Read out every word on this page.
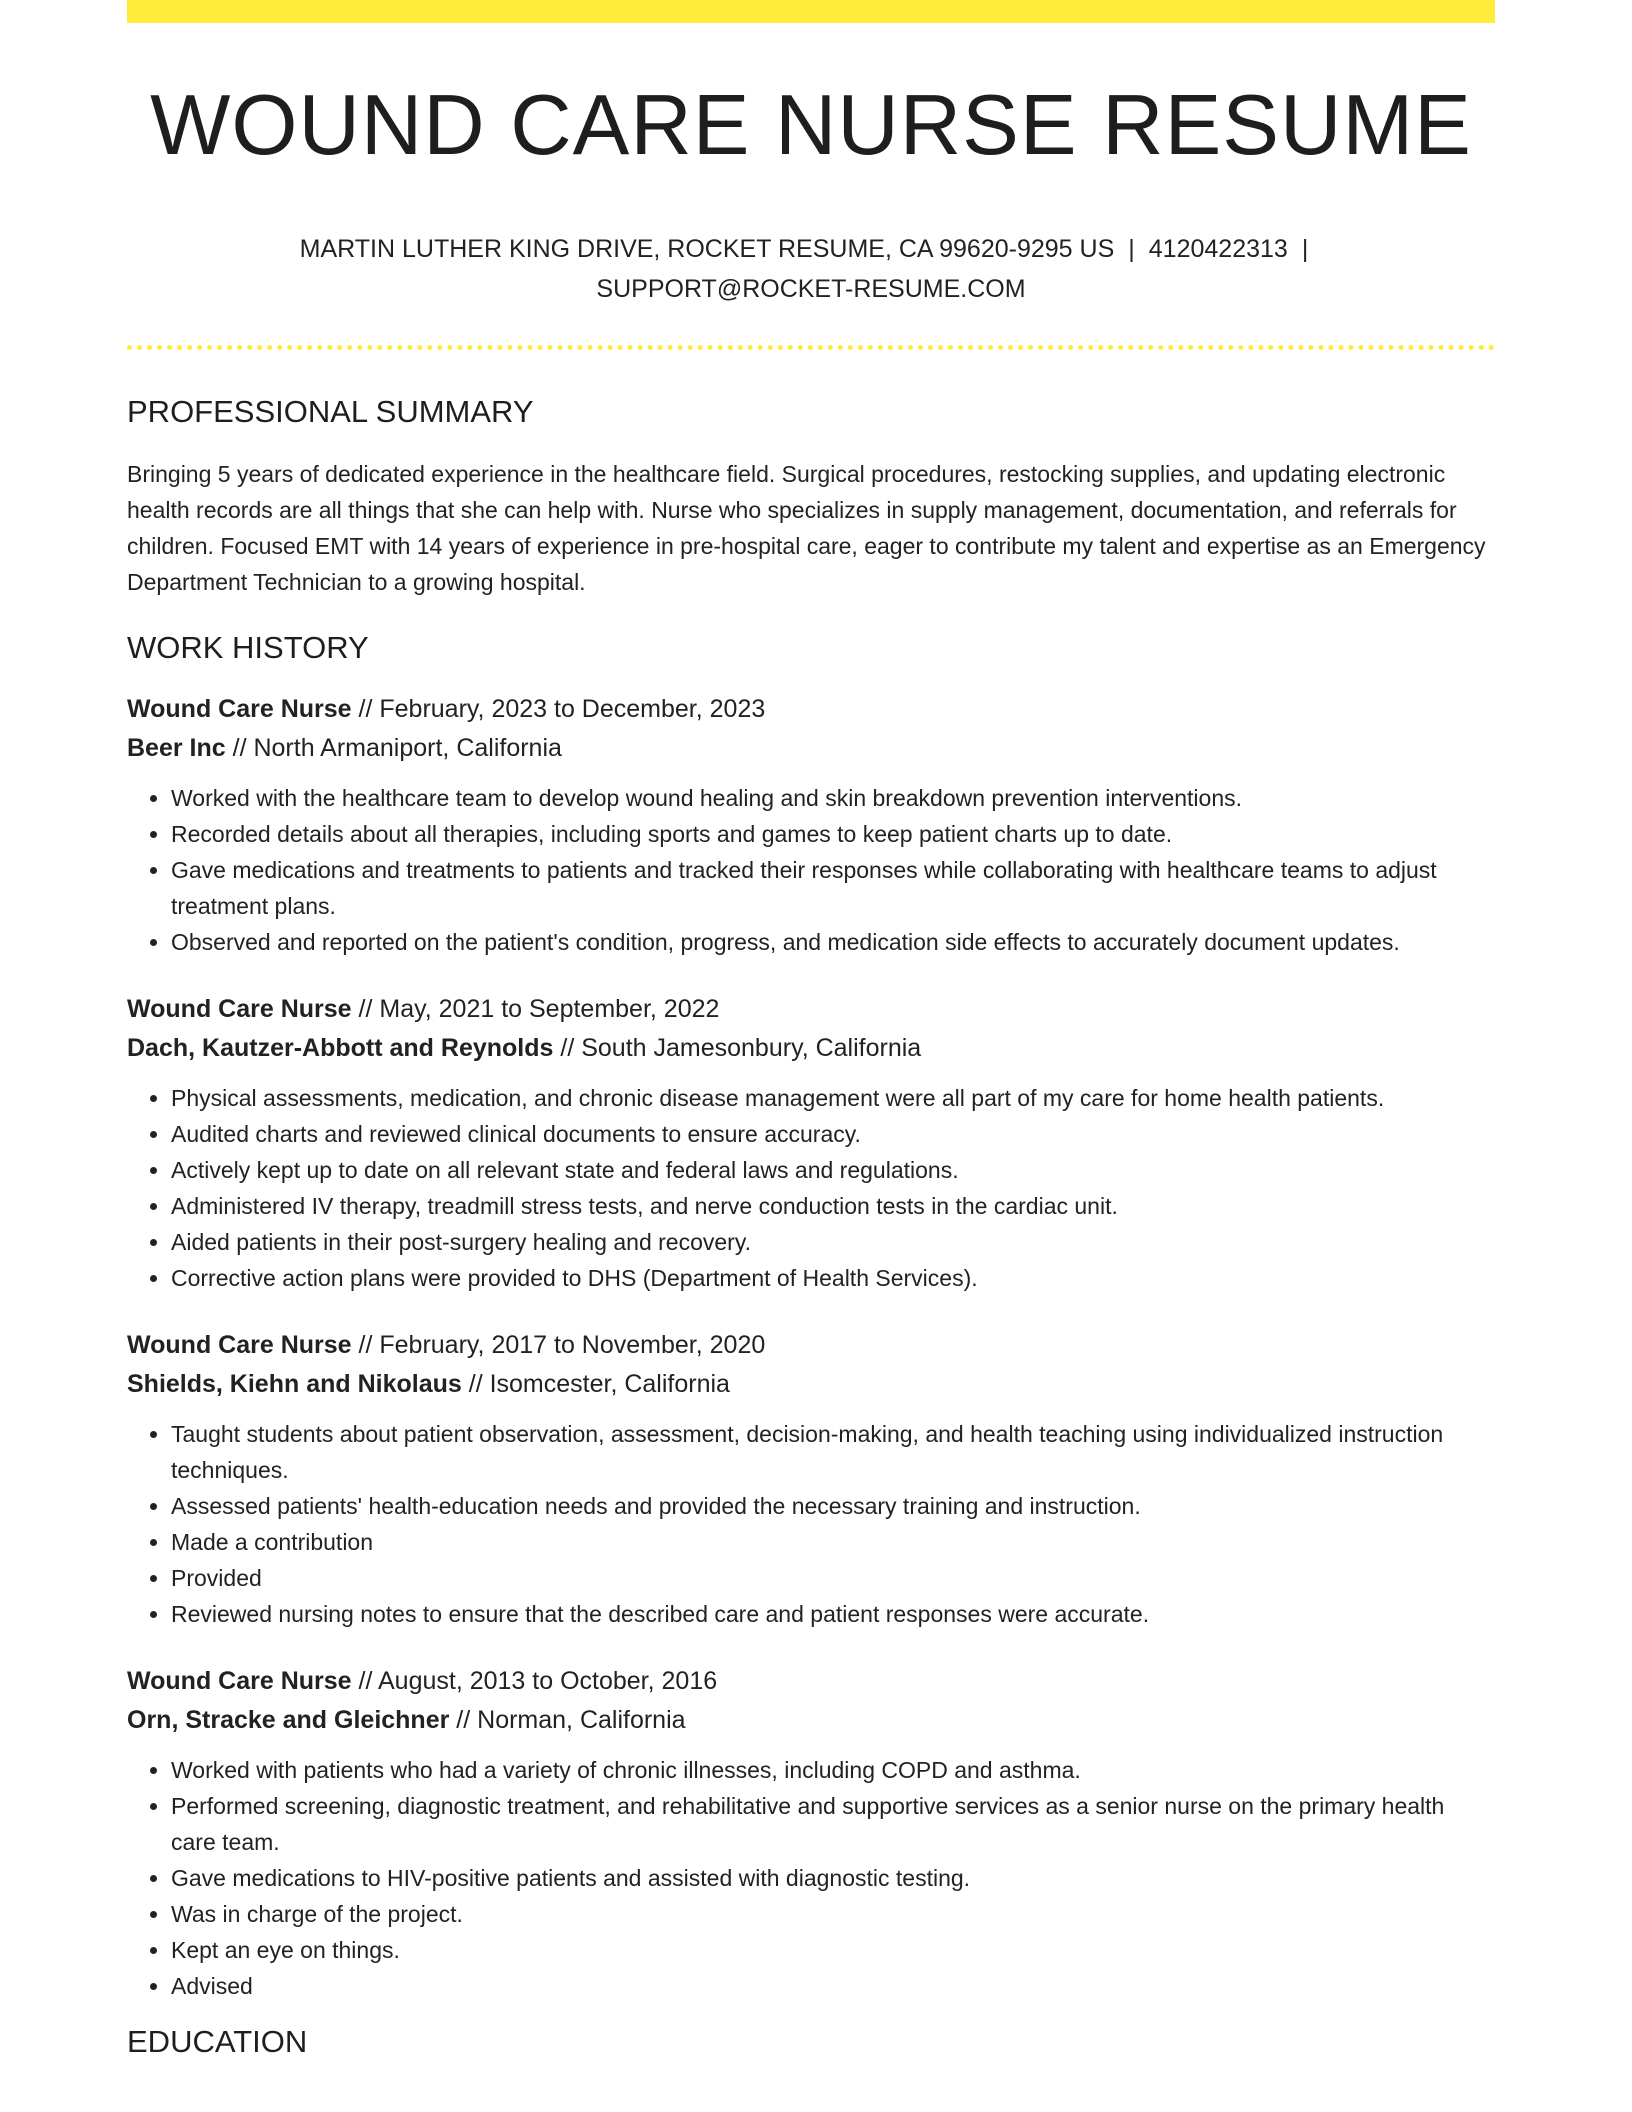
WOUND CARE NURSE RESUME
MARTIN LUTHER KING DRIVE, ROCKET RESUME, CA 99620-9295 US | 4120422313 |
SUPPORT@ROCKET-RESUME.COM
PROFESSIONAL SUMMARY

Bringing 5 years of dedicated experience in the healthcare field. Surgical procedures, restocking supplies, and updating electronic health records are all things that she can help with. Nurse who specializes in supply management, documentation, and referrals for children. Focused EMT with 14 years of experience in pre-hospital care, eager to contribute my talent and expertise as an Emergency Department Technician to a growing hospital.

WORK HISTORY
Wound Care Nurse // February, 2023 to December, 2023
Beer Inc // North Armaniport, California
• Worked with the healthcare team to develop wound healing and skin breakdown prevention interventions.
• Recorded details about all therapies, including sports and games to keep patient charts up to date.
• Gave medications and treatments to patients and tracked their responses while collaborating with healthcare teams to adjust treatment plans.
• Observed and reported on the patient's condition, progress, and medication side effects to accurately document updates.
Wound Care Nurse // May, 2021 to September, 2022
Dach, Kautzer-Abbott and Reynolds // South Jamesonbury, California
• Physical assessments, medication, and chronic disease management were all part of my care for home health patients.
• Audited charts and reviewed clinical documents to ensure accuracy.
• Actively kept up to date on all relevant state and federal laws and regulations.
• Administered IV therapy, treadmill stress tests, and nerve conduction tests in the cardiac unit.
• Aided patients in their post-surgery healing and recovery.
• Corrective action plans were provided to DHS (Department of Health Services).
Wound Care Nurse // February, 2017 to November, 2020
Shields, Kiehn and Nikolaus // Isomcester, California
• Taught students about patient observation, assessment, decision-making, and health teaching using individualized instruction techniques.
• Assessed patients' health-education needs and provided the necessary training and instruction.
• Made a contribution
• Provided
• Reviewed nursing notes to ensure that the described care and patient responses were accurate.
Wound Care Nurse // August, 2013 to October, 2016
Orn, Stracke and Gleichner // Norman, California
• Worked with patients who had a variety of chronic illnesses, including COPD and asthma.
• Performed screening, diagnostic treatment, and rehabilitative and supportive services as a senior nurse on the primary health care team.
• Gave medications to HIV-positive patients and assisted with diagnostic testing.
• Was in charge of the project.
• Kept an eye on things.
• Advised
EDUCATION
